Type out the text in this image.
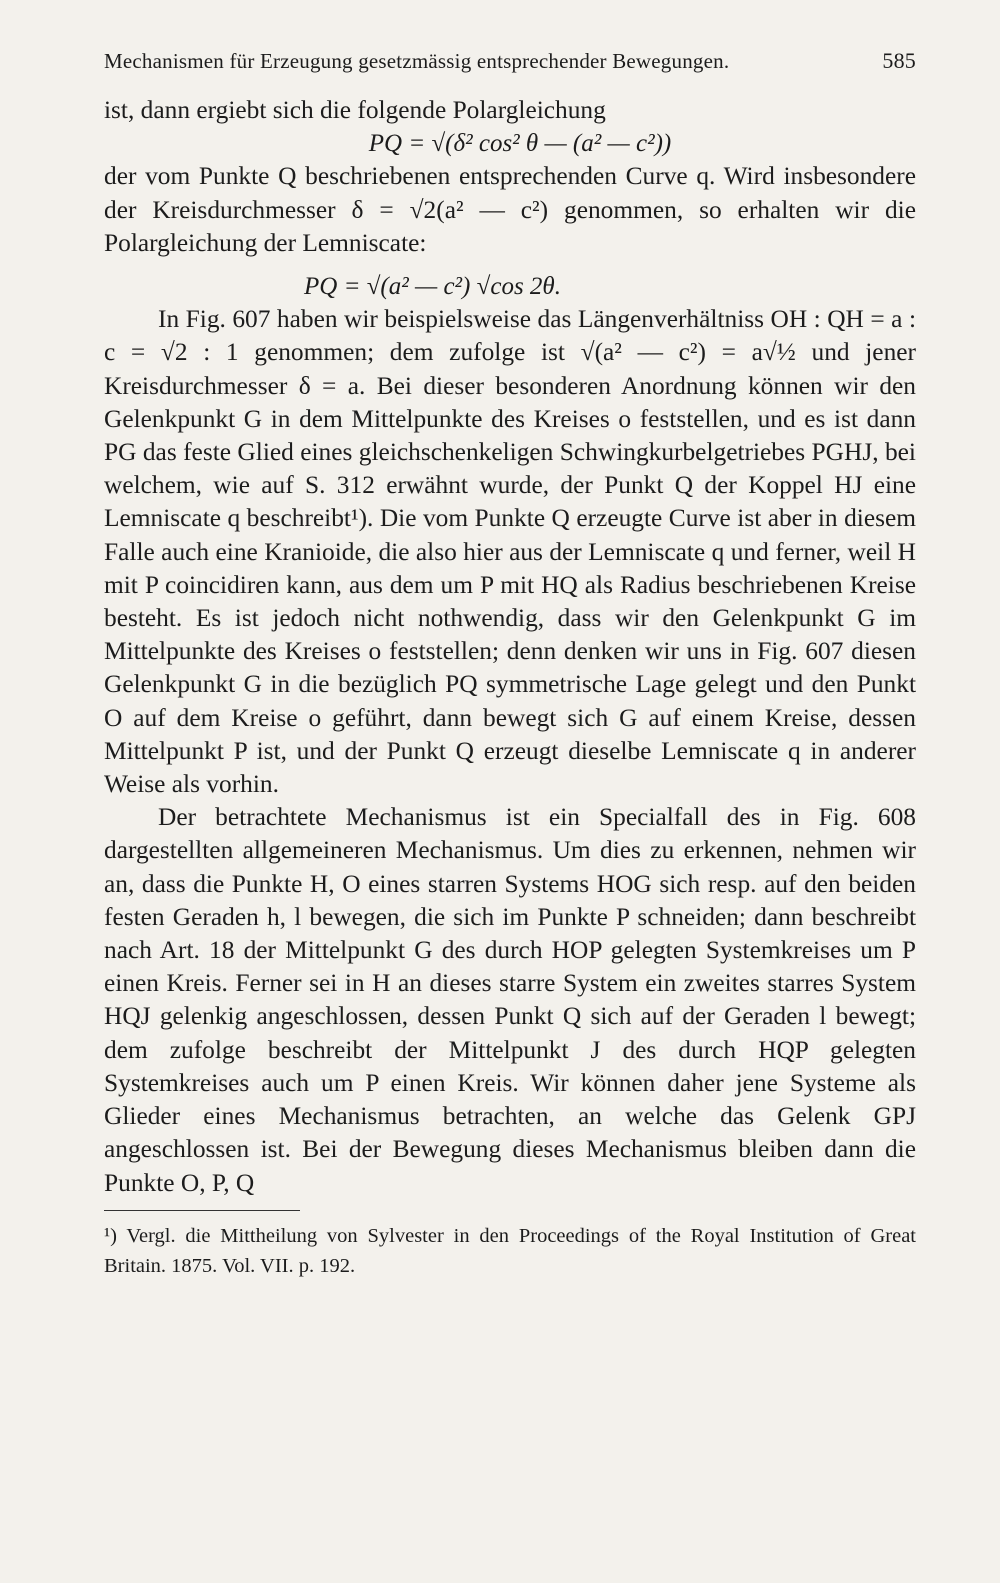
Mechanismen für Erzeugung gesetzmässig entsprechender Bewegungen.	585

ist, dann ergiebt sich die folgende Polargleichung

PQ = √(δ² cos² θ — (a² — c²))

der vom Punkte Q beschriebenen entsprechenden Curve q. Wird insbesondere der Kreisdurchmesser δ = √2(a² — c²) genommen, so erhalten wir die Polargleichung der Lemniscate:

PQ = √(a² — c²) √cos 2θ.

In Fig. 607 haben wir beispielsweise das Längenverhältniss OH : QH = a : c = √2 : 1 genommen; dem zufolge ist √(a² — c²) = a√½ und jener Kreisdurchmesser δ = a. Bei dieser besonderen Anordnung können wir den Gelenkpunkt G in dem Mittelpunkte des Kreises o feststellen, und es ist dann PG das feste Glied eines gleichschenkeligen Schwingkurbelgetriebes PGHJ, bei welchem, wie auf S. 312 erwähnt wurde, der Punkt Q der Koppel HJ eine Lemniscate q beschreibt¹). Die vom Punkte Q erzeugte Curve ist aber in diesem Falle auch eine Kranioide, die also hier aus der Lemniscate q und ferner, weil H mit P coincidiren kann, aus dem um P mit HQ als Radius beschriebenen Kreise besteht. Es ist jedoch nicht nothwendig, dass wir den Gelenkpunkt G im Mittelpunkte des Kreises o feststellen; denn denken wir uns in Fig. 607 diesen Gelenkpunkt G in die bezüglich PQ symmetrische Lage gelegt und den Punkt O auf dem Kreise o geführt, dann bewegt sich G auf einem Kreise, dessen Mittelpunkt P ist, und der Punkt Q erzeugt dieselbe Lemniscate q in anderer Weise als vorhin.

Der betrachtete Mechanismus ist ein Specialfall des in Fig. 608 dargestellten allgemeineren Mechanismus. Um dies zu erkennen, nehmen wir an, dass die Punkte H, O eines starren Systems HOG sich resp. auf den beiden festen Geraden h, l bewegen, die sich im Punkte P schneiden; dann beschreibt nach Art. 18 der Mittelpunkt G des durch HOP gelegten Systemkreises um P einen Kreis. Ferner sei in H an dieses starre System ein zweites starres System HQJ gelenkig angeschlossen, dessen Punkt Q sich auf der Geraden l bewegt; dem zufolge beschreibt der Mittelpunkt J des durch HQP gelegten Systemkreises auch um P einen Kreis. Wir können daher jene Systeme als Glieder eines Mechanismus betrachten, an welche das Gelenk GPJ angeschlossen ist. Bei der Bewegung dieses Mechanismus bleiben dann die Punkte O, P, Q

¹) Vergl. die Mittheilung von Sylvester in den Proceedings of the Royal Institution of Great Britain. 1875. Vol. VII. p. 192.
